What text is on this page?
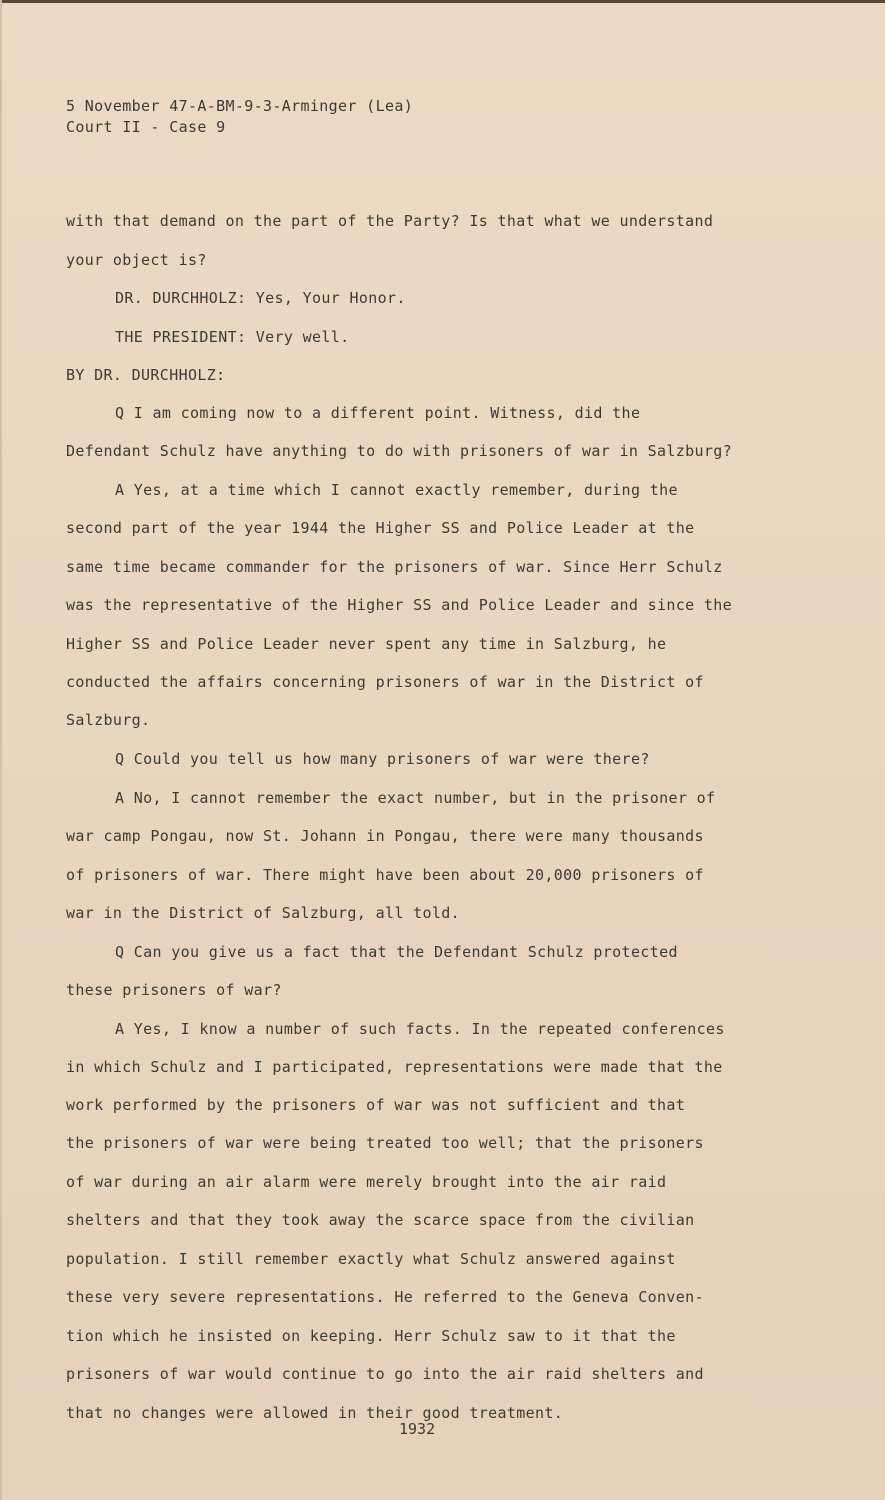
5 November 47-A-BM-9-3-Arminger (Lea)
Court II - Case 9
with that demand on the part of the Party? Is that what we understand
your object is?
DR. DURCHHOLZ: Yes, Your Honor.
THE PRESIDENT: Very well.
BY DR. DURCHHOLZ:
Q I am coming now to a different point. Witness, did the
Defendant Schulz have anything to do with prisoners of war in Salzburg?
A Yes, at a time which I cannot exactly remember, during the
second part of the year 1944 the Higher SS and Police Leader at the
same time became commander for the prisoners of war. Since Herr Schulz
was the representative of the Higher SS and Police Leader and since the
Higher SS and Police Leader never spent any time in Salzburg, he
conducted the affairs concerning prisoners of war in the District of
Salzburg.
Q Could you tell us how many prisoners of war were there?
A No, I cannot remember the exact number, but in the prisoner of
war camp Pongau, now St. Johann in Pongau, there were many thousands
of prisoners of war. There might have been about 20,000 prisoners of
war in the District of Salzburg, all told.
Q Can you give us a fact that the Defendant Schulz protected
these prisoners of war?
A Yes, I know a number of such facts. In the repeated conferences
in which Schulz and I participated, representations were made that the
work performed by the prisoners of war was not sufficient and that
the prisoners of war were being treated too well; that the prisoners
of war during an air alarm were merely brought into the air raid
shelters and that they took away the scarce space from the civilian
population. I still remember exactly what Schulz answered against
these very severe representations. He referred to the Geneva Conven-
tion which he insisted on keeping. Herr Schulz saw to it that the
prisoners of war would continue to go into the air raid shelters and
that no changes were allowed in their good treatment.
1932
